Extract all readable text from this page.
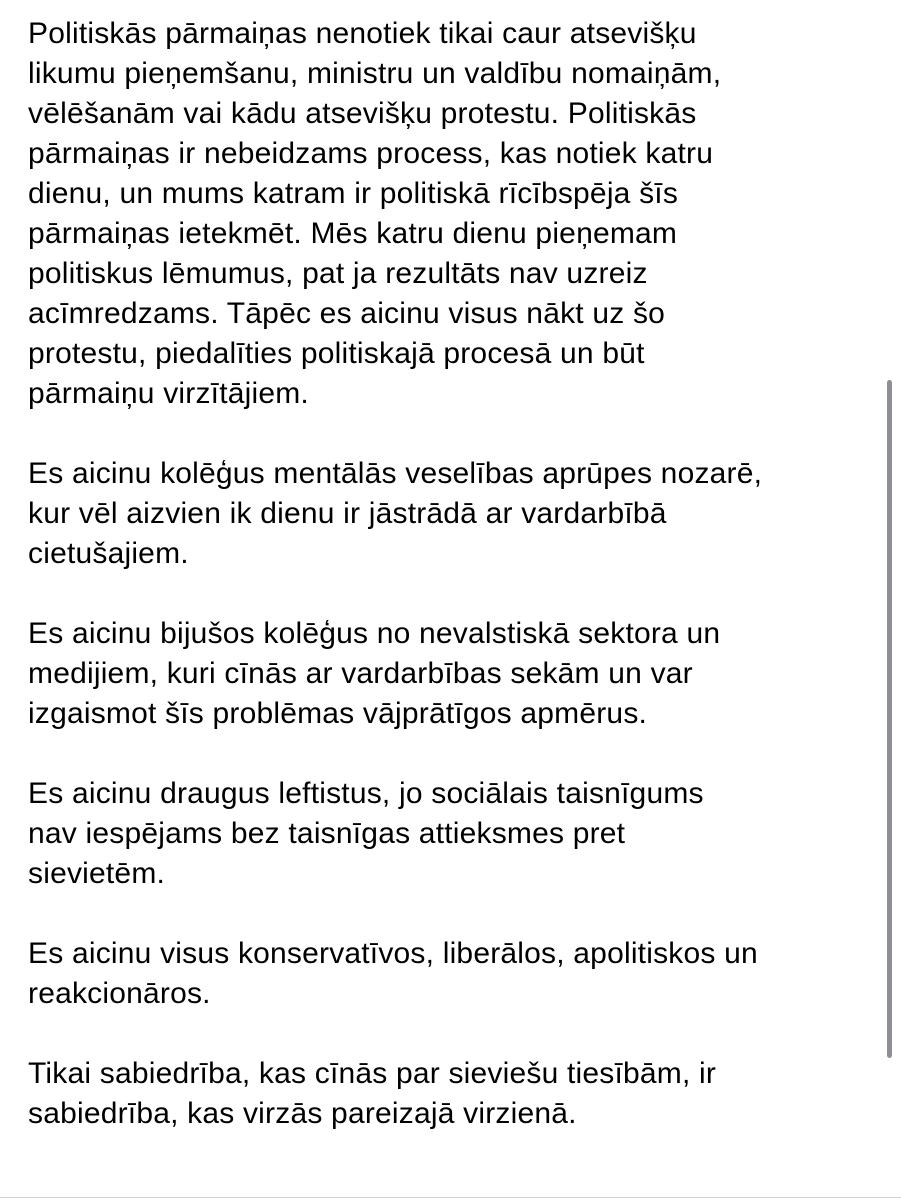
Politiskās pārmaiņas nenotiek tikai caur atsevišķu
likumu pieņemšanu, ministru un valdību nomaiņām,
vēlēšanām vai kādu atsevišķu protestu. Politiskās
pārmaiņas ir nebeidzams process, kas notiek katru
dienu, un mums katram ir politiskā rīcībspēja šīs
pārmaiņas ietekmēt. Mēs katru dienu pieņemam
politiskus lēmumus, pat ja rezultāts nav uzreiz
acīmredzams. Tāpēc es aicinu visus nākt uz šo
protestu, piedalīties politiskajā procesā un būt
pārmaiņu virzītājiem.

Es aicinu kolēģus mentālās veselības aprūpes nozarē,
kur vēl aizvien ik dienu ir jāstrādā ar vardarbībā
cietušajiem.

Es aicinu bijušos kolēģus no nevalstiskā sektora un
medijiem, kuri cīnās ar vardarbības sekām un var
izgaismot šīs problēmas vājprātīgos apmērus.

Es aicinu draugus leftistus, jo sociālais taisnīgums
nav iespējams bez taisnīgas attieksmes pret
sievietēm.

Es aicinu visus konservatīvos, liberālos, apolitiskos un
reakcionāros.

Tikai sabiedrība, kas cīnās par sieviešu tiesībām, ir
sabiedrība, kas virzās pareizajā virzienā.
